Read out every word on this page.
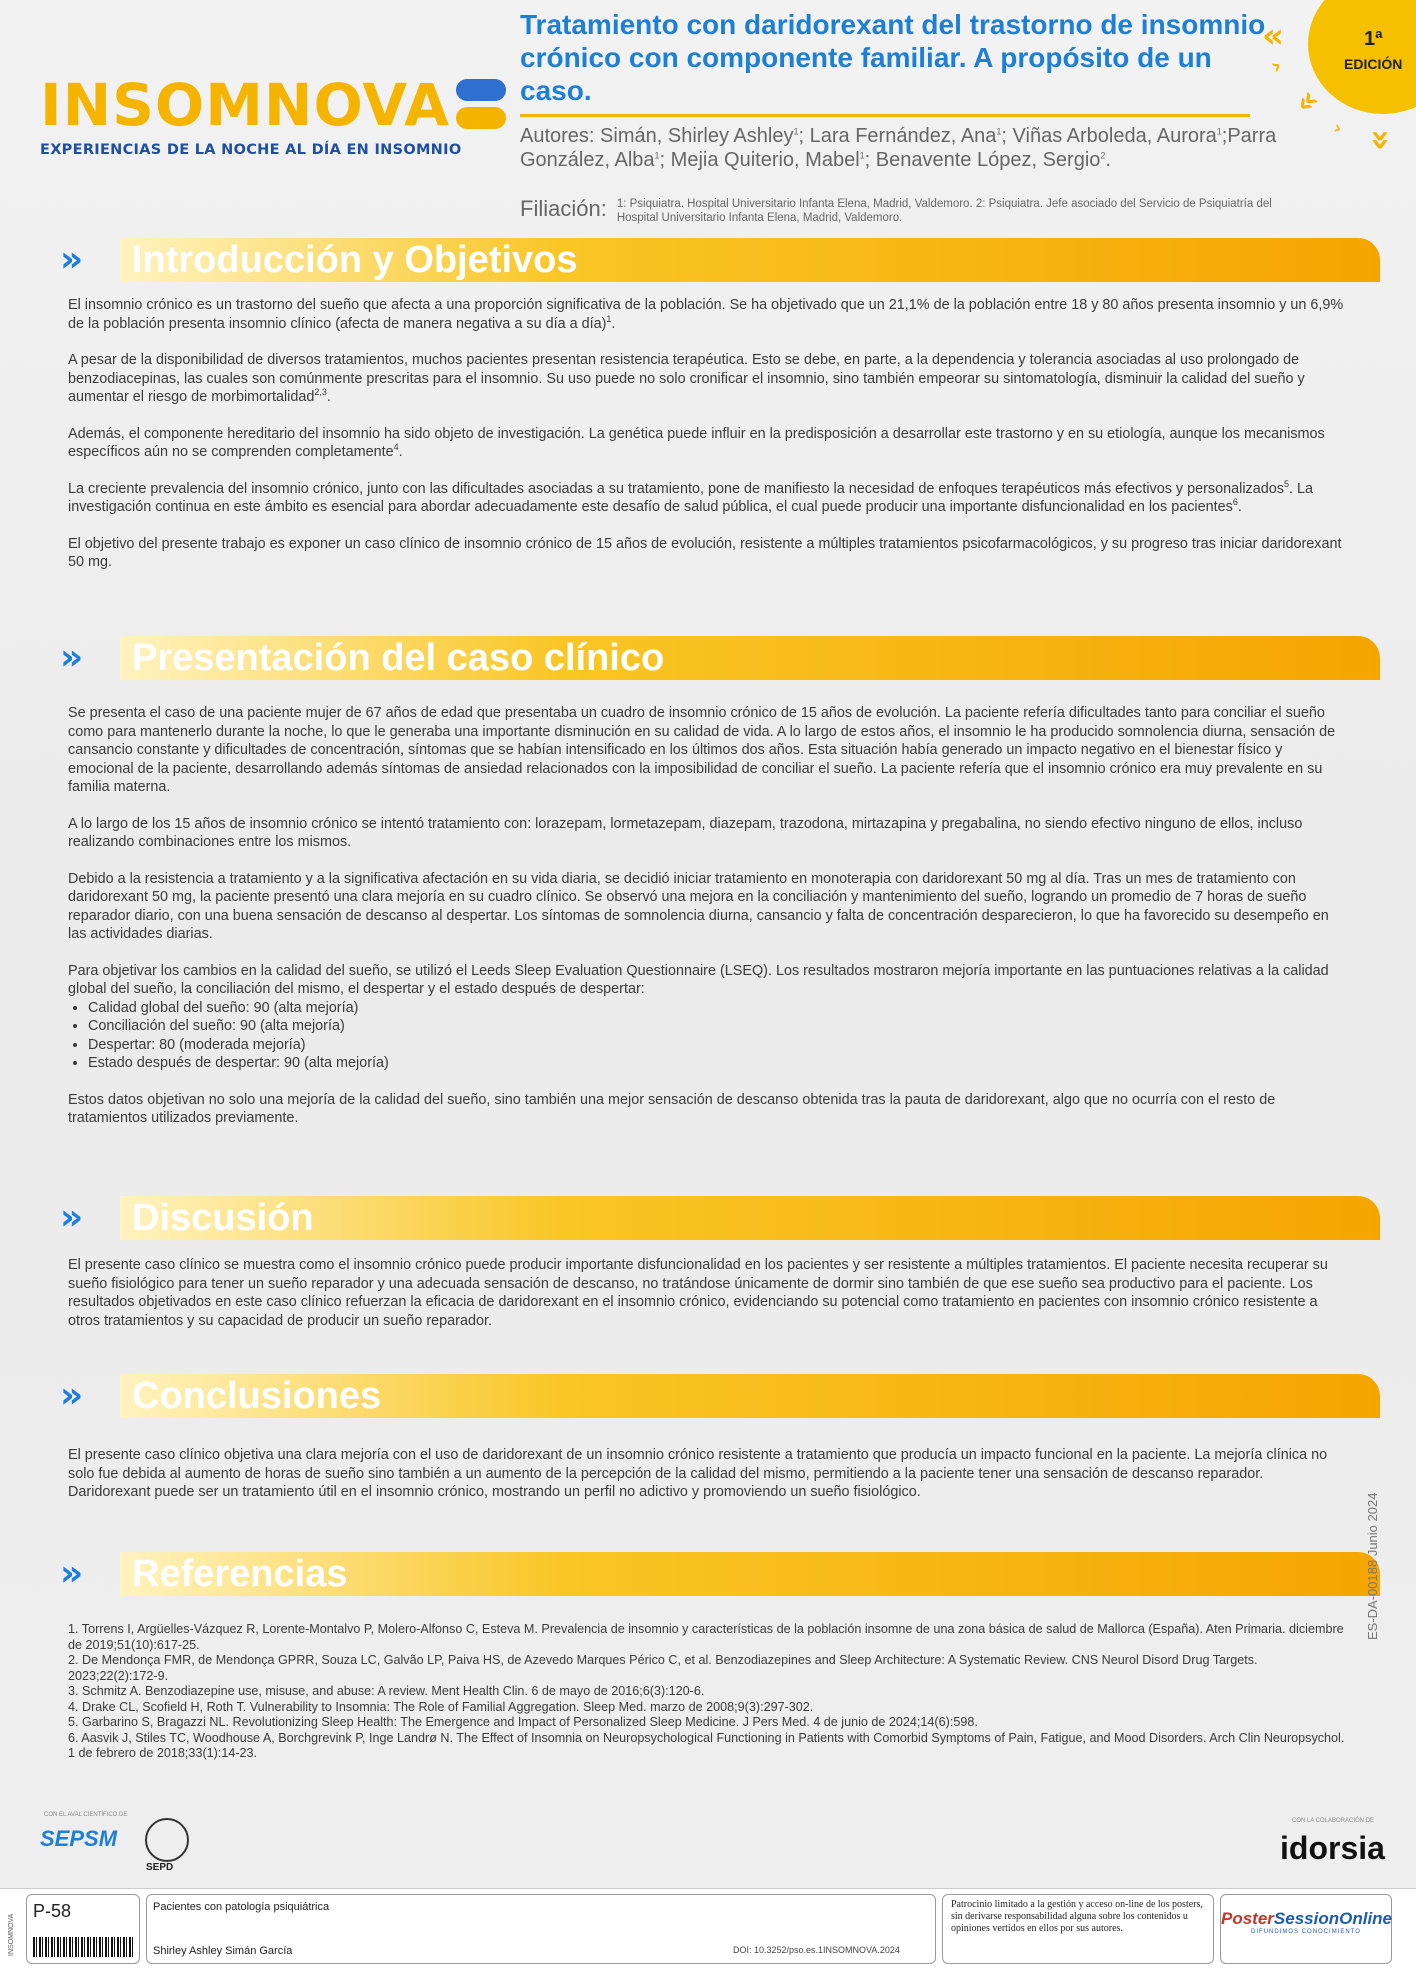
INSOMNOVA
EXPERIENCIAS DE LA NOCHE AL DÍA EN INSOMNIO
Tratamiento con daridorexant del trastorno de insomnio crónico con componente familiar. A propósito de un caso.
Autores: Simán, Shirley Ashley$^1$; Lara Fernández, Ana$^1$; Viñas Arboleda, Aurora$^1$;Parra González, Alba$^1$; Mejia Quiterio, Mabel$^1$; Benavente López, Sergio$^2$.
Filiación: 1: Psiquiatra. Hospital Universitario Infanta Elena, Madrid, Valdemoro. 2: Psiquiatra. Jefe asociado del Servicio de Psiquiatría del Hospital Universitario Infanta Elena, Madrid, Valdemoro.
1ª
EDICIÓN
«
›
«
›
»
» Introducción y Objetivos

El insomnio crónico es un trastorno del sueño que afecta a una proporción significativa de la población. Se ha objetivado que un 21,1% de la población entre 18 y 80 años presenta insomnio y un 6,9% de la población presenta insomnio clínico (afecta de manera negativa a su día a día)$^1$.

A pesar de la disponibilidad de diversos tratamientos, muchos pacientes presentan resistencia terapéutica. Esto se debe, en parte, a la dependencia y tolerancia asociadas al uso prolongado de benzodiacepinas, las cuales son comúnmente prescritas para el insomnio. Su uso puede no solo cronificar el insomnio, sino también empeorar su sintomatología, disminuir la calidad del sueño y aumentar el riesgo de morbimortalidad$^{2,3}$.

Además, el componente hereditario del insomnio ha sido objeto de investigación. La genética puede influir en la predisposición a desarrollar este trastorno y en su etiología, aunque los mecanismos específicos aún no se comprenden completamente$^4$.

La creciente prevalencia del insomnio crónico, junto con las dificultades asociadas a su tratamiento, pone de manifiesto la necesidad de enfoques terapéuticos más efectivos y personalizados$^5$. La investigación continua en este ámbito es esencial para abordar adecuadamente este desafío de salud pública, el cual puede producir una importante disfuncionalidad en los pacientes$^6$.

El objetivo del presente trabajo es exponer un caso clínico de insomnio crónico de 15 años de evolución, resistente a múltiples tratamientos psicofarmacológicos, y su progreso tras iniciar daridorexant 50 mg.

» Presentación del caso clínico

Se presenta el caso de una paciente mujer de 67 años de edad que presentaba un cuadro de insomnio crónico de 15 años de evolución. La paciente refería dificultades tanto para conciliar el sueño como para mantenerlo durante la noche, lo que le generaba una importante disminución en su calidad de vida. A lo largo de estos años, el insomnio le ha producido somnolencia diurna, sensación de cansancio constante y dificultades de concentración, síntomas que se habían intensificado en los últimos dos años. Esta situación había generado un impacto negativo en el bienestar físico y emocional de la paciente, desarrollando además síntomas de ansiedad relacionados con la imposibilidad de conciliar el sueño. La paciente refería que el insomnio crónico era muy prevalente en su familia materna.

A lo largo de los 15 años de insomnio crónico se intentó tratamiento con: lorazepam, lormetazepam, diazepam, trazodona, mirtazapina y pregabalina, no siendo efectivo ninguno de ellos, incluso realizando combinaciones entre los mismos.

Debido a la resistencia a tratamiento y a la significativa afectación en su vida diaria, se decidió iniciar tratamiento en monoterapia con daridorexant 50 mg al día. Tras un mes de tratamiento con daridorexant 50 mg, la paciente presentó una clara mejoría en su cuadro clínico. Se observó una mejora en la conciliación y mantenimiento del sueño, logrando un promedio de 7 horas de sueño reparador diario, con una buena sensación de descanso al despertar. Los síntomas de somnolencia diurna, cansancio y falta de concentración desparecieron, lo que ha favorecido su desempeño en las actividades diarias.

Para objetivar los cambios en la calidad del sueño, se utilizó el Leeds Sleep Evaluation Questionnaire (LSEQ). Los resultados mostraron mejoría importante en las puntuaciones relativas a la calidad global del sueño, la conciliación del mismo, el despertar y el estado después de despertar:

• Calidad global del sueño: 90 (alta mejoría)
• Conciliación del sueño: 90 (alta mejoría)
• Despertar: 80 (moderada mejoría)
• Estado después de despertar: 90 (alta mejoría)

Estos datos objetivan no solo una mejoría de la calidad del sueño, sino también una mejor sensación de descanso obtenida tras la pauta de daridorexant, algo que no ocurría con el resto de tratamientos utilizados previamente.

» Discusión

El presente caso clínico se muestra como el insomnio crónico puede producir importante disfuncionalidad en los pacientes y ser resistente a múltiples tratamientos. El paciente necesita recuperar su sueño fisiológico para tener un sueño reparador y una adecuada sensación de descanso, no tratándose únicamente de dormir sino también de que ese sueño sea productivo para el paciente. Los resultados objetivados en este caso clínico refuerzan la eficacia de daridorexant en el insomnio crónico, evidenciando su potencial como tratamiento en pacientes con insomnio crónico resistente a otros tratamientos y su capacidad de producir un sueño reparador.

» Conclusiones

El presente caso clínico objetiva una clara mejoría con el uso de daridorexant de un insomnio crónico resistente a tratamiento que producía un impacto funcional en la paciente. La mejoría clínica no solo fue debida al aumento de horas de sueño sino también a un aumento de la percepción de la calidad del mismo, permitiendo a la paciente tener una sensación de descanso reparador. Daridorexant puede ser un tratamiento útil en el insomnio crónico, mostrando un perfil no adictivo y promoviendo un sueño fisiológico.

» Referencias

1. Torrens I, Argüelles-Vázquez R, Lorente-Montalvo P, Molero-Alfonso C, Esteva M. Prevalencia de insomnio y características de la población insomne de una zona básica de salud de Mallorca (España). Aten Primaria. diciembre de 2019;51(10):617-25.

2. De Mendonça FMR, de Mendonça GPRR, Souza LC, Galvão LP, Paiva HS, de Azevedo Marques Périco C, et al. Benzodiazepines and Sleep Architecture: A Systematic Review. CNS Neurol Disord Drug Targets. 2023;22(2):172-9.

3. Schmitz A. Benzodiazepine use, misuse, and abuse: A review. Ment Health Clin. 6 de mayo de 2016;6(3):120-6.

4. Drake CL, Scofield H, Roth T. Vulnerability to Insomnia: The Role of Familial Aggregation. Sleep Med. marzo de 2008;9(3):297-302.

5. Garbarino S, Bragazzi NL. Revolutionizing Sleep Health: The Emergence and Impact of Personalized Sleep Medicine. J Pers Med. 4 de junio de 2024;14(6):598.

6. Aasvik J, Stiles TC, Woodhouse A, Borchgrevink P, Inge Landrø N. The Effect of Insomnia on Neuropsychological Functioning in Patients with Comorbid Symptoms of Pain, Fatigue, and Mood Disorders. Arch Clin Neuropsychol. 1 de febrero de 2018;33(1):14-23.

CON EL AVAL CIENTÍFICO DE
SEPSM
SEPD
CON LA COLABORACIÓN DE
idorsia
ES-DA-00188 Junio 2024
INSOMNOVA
P-58	Pacientes con patología psiquiátrica
Shirley Ashley Simán García	DOI: 10.3252/pso.es.1INSOMNOVA.2024
Patrocinio limitado a la gestión y acceso on-line de los posters, sin derivarse responsabilidad alguna sobre los contenidos u opiniones vertidos en ellos por sus autores.
PosterSessionOnline
DIFUNDIMOS CONOCIMIENTO
